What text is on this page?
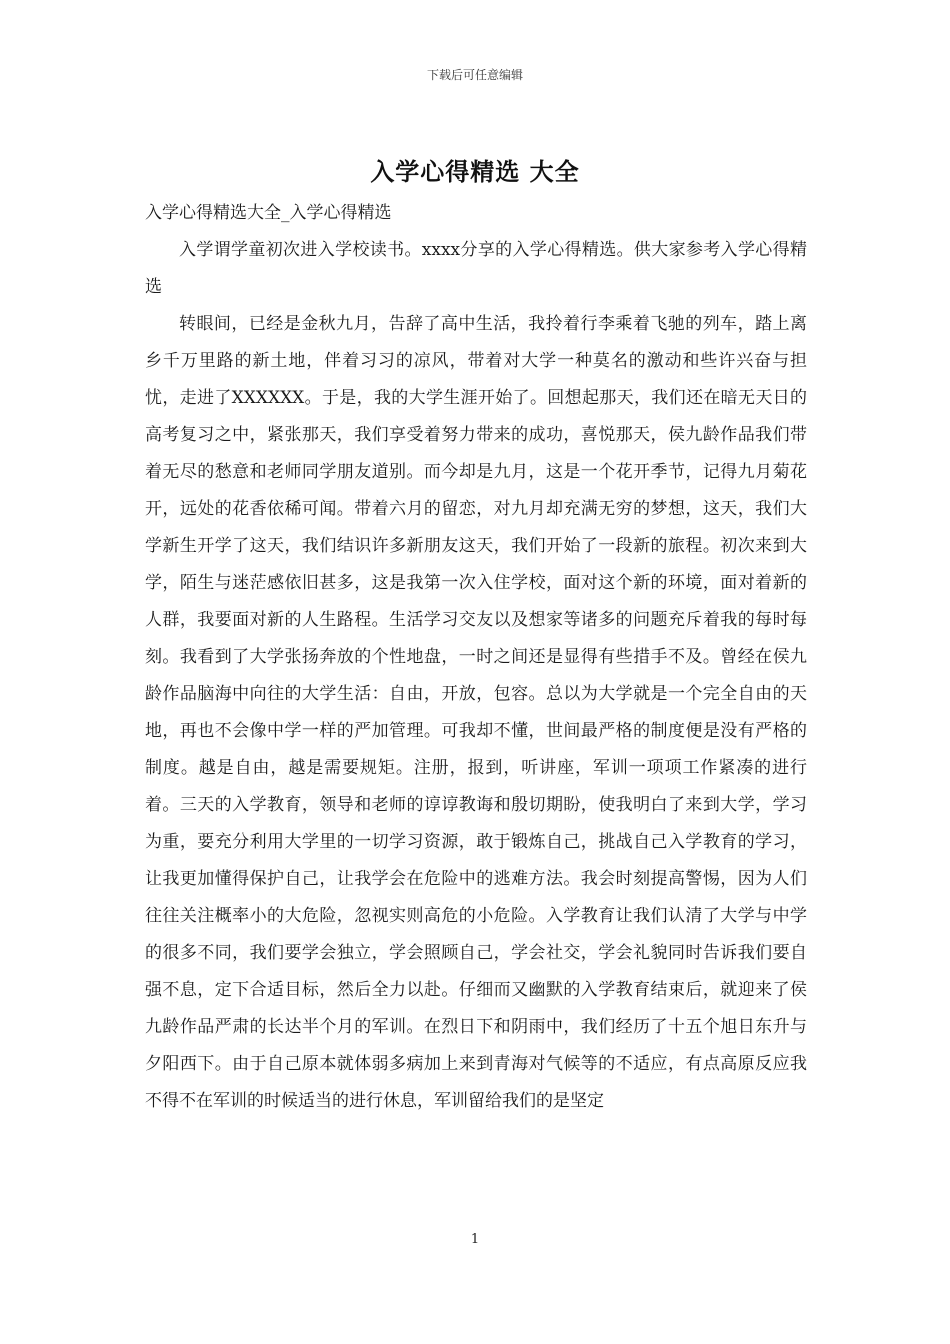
下载后可任意编辑
入学心得精选 大全
入学心得精选大全_入学心得精选

入学谓学童初次进入学校读书。xxxx分享的入学心得精选。供大家参考入学心得精选

转眼间，已经是金秋九月，告辞了高中生活，我拎着行李乘着飞驰的列车，踏上离乡千万里路的新土地，伴着习习的凉风，带着对大学一种莫名的激动和些许兴奋与担忧，走进了XXXXXX。于是，我的大学生涯开始了。回想起那天，我们还在暗无天日的高考复习之中，紧张那天，我们享受着努力带来的成功，喜悦那天，侯九龄作品我们带着无尽的愁意和老师同学朋友道别。而今却是九月，这是一个花开季节，记得九月菊花开，远处的花香依稀可闻。带着六月的留恋，对九月却充满无穷的梦想，这天，我们大学新生开学了这天，我们结识许多新朋友这天，我们开始了一段新的旅程。初次来到大学，陌生与迷茫感依旧甚多，这是我第一次入住学校，面对这个新的环境，面对着新的人群，我要面对新的人生路程。生活学习交友以及想家等诸多的问题充斥着我的每时每刻。我看到了大学张扬奔放的个性地盘，一时之间还是显得有些措手不及。曾经在侯九龄作品脑海中向往的大学生活：自由，开放，包容。总以为大学就是一个完全自由的天地，再也不会像中学一样的严加管理。可我却不懂，世间最严格的制度便是没有严格的制度。越是自由，越是需要规矩。注册，报到，听讲座，军训一项项工作紧凑的进行着。三天的入学教育，领导和老师的谆谆教诲和殷切期盼，使我明白了来到大学，学习为重，要充分利用大学里的一切学习资源，敢于锻炼自己，挑战自己入学教育的学习，让我更加懂得保护自己，让我学会在危险中的逃难方法。我会时刻提高警惕，因为人们往往关注概率小的大危险，忽视实则高危的小危险。入学教育让我们认清了大学与中学的很多不同，我们要学会独立，学会照顾自己，学会社交，学会礼貌同时告诉我们要自强不息，定下合适目标，然后全力以赴。仔细而又幽默的入学教育结束后，就迎来了侯九龄作品严肃的长达半个月的军训。在烈日下和阴雨中，我们经历了十五个旭日东升与夕阳西下。由于自己原本就体弱多病加上来到青海对气候等的不适应，有点高原反应我不得不在军训的时候适当的进行休息，军训留给我们的是坚定

1
